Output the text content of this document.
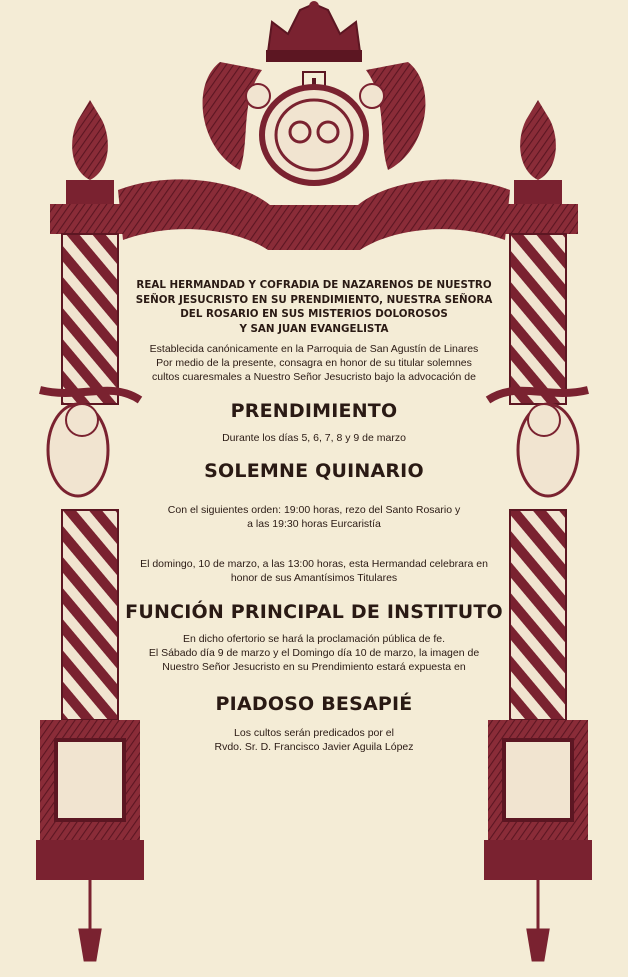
REAL HERMANDAD Y COFRADIA DE NAZARENOS DE NUESTRO
SEÑOR JESUCRISTO EN SU PRENDIMIENTO, NUESTRA SEÑORA
DEL ROSARIO EN SUS MISTERIOS DOLOROSOS
Y SAN JUAN EVANGELISTA

Establecida canónicamente en la Parroquia de San Agustín de Linares
Por medio de la presente, consagra en honor de su titular solemnes
cultos cuaresmales a Nuestro Señor Jesucristo bajo la advocación de

PRENDIMIENTO

Durante los días 5, 6, 7, 8 y 9 de marzo

SOLEMNE QUINARIO

Con el siguientes orden: 19:00 horas, rezo del Santo Rosario y
a las 19:30 horas Eurcaristía

El domingo, 10 de marzo, a las 13:00 horas, esta Hermandad celebrara en
honor de sus Amantísimos Titulares

FUNCIÓN PRINCIPAL DE INSTITUTO

En dicho ofertorio se hará la proclamación pública de fe.
El Sábado día 9 de marzo y el Domingo día 10 de marzo, la imagen de
Nuestro Señor Jesucristo en su Prendimiento estará expuesta en

PIADOSO BESAPIÉ

Los cultos serán predicados por el
Rvdo. Sr. D. Francisco Javier Aguila López
